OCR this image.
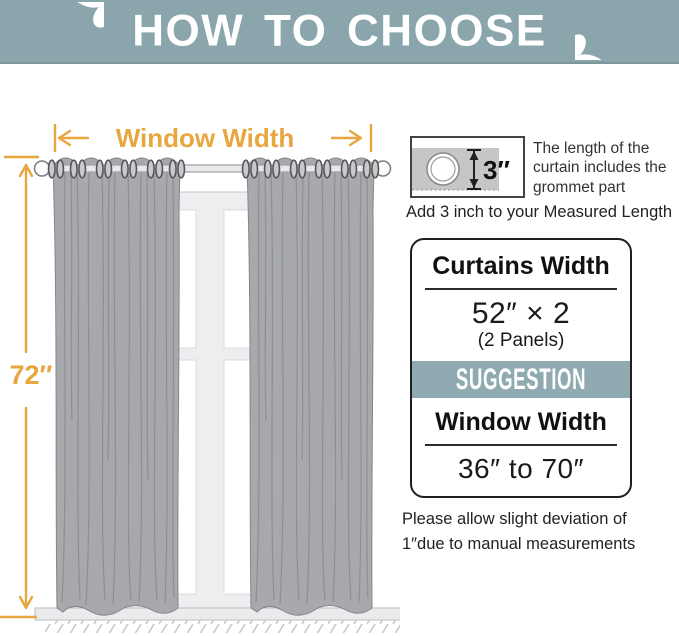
HOW TO CHOOSE
Window Width
72″
3″
The length of the curtain includes the grommet part
Add 3 inch to your Measured Length
Curtains Width
52″ × 2
(2 Panels)
SUGGESTION
Window Width
36″ to 70″
Please allow slight deviation of
1″due to manual measurements
